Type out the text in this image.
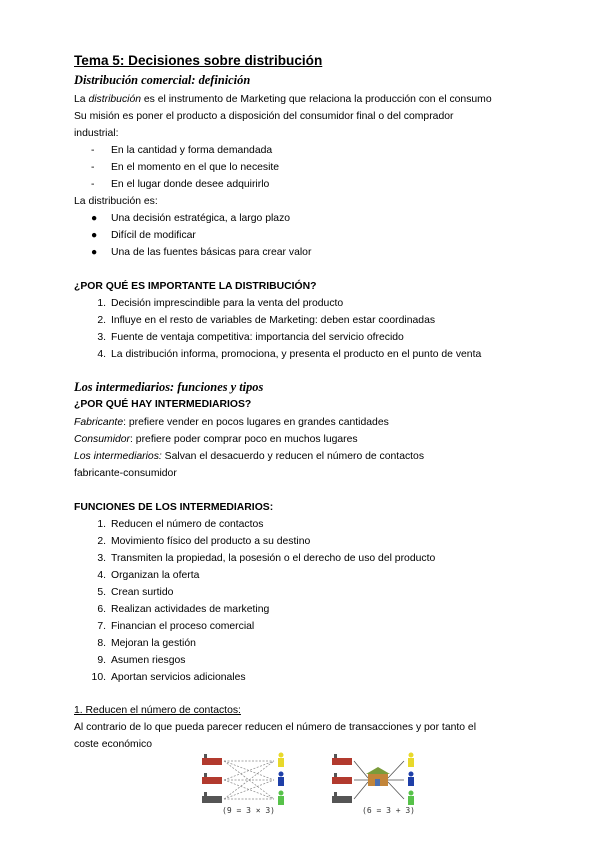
Tema 5: Decisiones sobre distribución
Distribución comercial: definición
La distribución es el instrumento de Marketing que relaciona la producción con el consumo
Su misión es poner el producto a disposición del consumidor final o del comprador
industrial:
- En la cantidad y forma demandada
- En el momento en el que lo necesite
- En el lugar donde desee adquirirlo
La distribución es:
● Una decisión estratégica, a largo plazo
● Difícil de modificar
● Una de las fuentes básicas para crear valor
¿POR QUÉ ES IMPORTANTE LA DISTRIBUCIÓN?
1. Decisión imprescindible para la venta del producto
2. Influye en el resto de variables de Marketing: deben estar coordinadas
3. Fuente de ventaja competitiva: importancia del servicio ofrecido
4. La distribución informa, promociona, y presenta el producto en el punto de venta
Los intermediarios: funciones y tipos
¿POR QUÉ HAY INTERMEDIARIOS?
Fabricante: prefiere vender en pocos lugares en grandes cantidades
Consumidor: prefiere poder comprar poco en muchos lugares
Los intermediarios: Salvan el desacuerdo y reducen el número de contactos
fabricante-consumidor
FUNCIONES DE LOS INTERMEDIARIOS:
1. Reducen el número de contactos
2. Movimiento físico del producto a su destino
3. Transmiten la propiedad, la posesión o el derecho de uso del producto
4. Organizan la oferta
5. Crean surtido
6. Realizan actividades de marketing
7. Financian el proceso comercial
8. Mejoran la gestión
9. Asumen riesgos
10. Aportan servicios adicionales
1. Reducen el número de contactos:
Al contrario de lo que pueda parecer reducen el número de transacciones y por tanto el
coste económico
(9 = 3 × 3)	(6 = 3 + 3)
